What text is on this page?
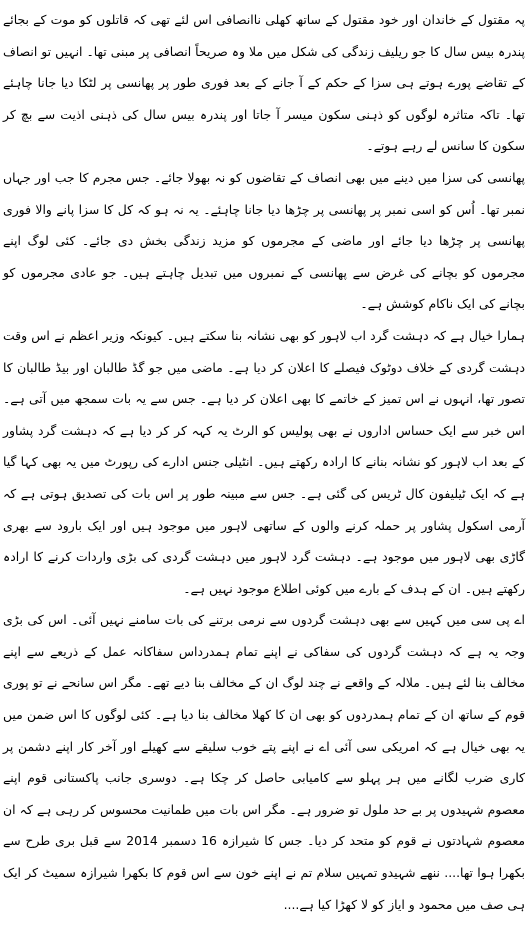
پہ مقتول کے خاندان اور خود مقتول کے ساتھ کھلی ناانصافی اس لئے تھی کہ قاتلوں کو موت کے بجائے پندرہ بیس سال کا جو ریلیف زندگی کی شکل میں ملا وہ صریحاً انصافی پر مبنی تھا۔ انہیں تو انصاف کے تقاضے پورے ہوتے ہی سزا کے حکم کے آ جانے کے بعد فوری طور پر پھانسی پر لٹکا دیا جانا چاہئے تھا۔ تاکہ متاثرہ لوگوں کو ذہنی سکون میسر آ جاتا اور پندرہ بیس سال کی ذہنی اذیت سے بچ کر سکون کا سانس لے رہے ہوتے۔

پھانسی کی سزا میں دینے میں بھی انصاف کے تقاضوں کو نہ بھولا جائے۔ جس مجرم کا جب اور جہاں نمبر تھا۔ اُس کو اسی نمبر پر پھانسی پر چڑھا دیا جانا چاہئے۔ یہ نہ ہو کہ کل کا سزا پانے والا فوری پھانسی پر چڑھا دیا جائے اور ماضی کے مجرموں کو مزید زندگی بخش دی جائے۔ کئی لوگ اپنے مجرموں کو بچانے کی غرض سے پھانسی کے نمبروں میں تبدیل چاہتے ہیں۔ جو عادی مجرموں کو بچانے کی ایک ناکام کوشش ہے۔

ہمارا خیال ہے کہ دہشت گرد اب لاہور کو بھی نشانہ بنا سکتے ہیں۔ کیونکہ وزیر اعظم نے اس وقت دہشت گردی کے خلاف دوٹوک فیصلے کا اعلان کر دیا ہے۔ ماضی میں جو گڈ طالبان اور بیڈ طالبان کا تصور تھا، انہوں نے اس تمیز کے خاتمے کا بھی اعلان کر دیا ہے۔ جس سے یہ بات سمجھ میں آتی ہے۔ اس خبر سے ایک حساس اداروں نے بھی پولیس کو الرٹ یہ کہہ کر کر دیا ہے کہ دہشت گرد پشاور کے بعد اب لاہور کو نشانہ بنانے کا ارادہ رکھتے ہیں۔ انٹیلی جنس ادارے کی رپورٹ میں یہ بھی کہا گیا ہے کہ ایک ٹیلیفون کال ٹریس کی گئی ہے۔ جس سے مبینہ طور پر اس بات کی تصدیق ہوتی ہے کہ آرمی اسکول پشاور پر حملہ کرنے والوں کے ساتھی لاہور میں موجود ہیں اور ایک بارود سے بھری گاڑی بھی لاہور میں موجود ہے۔ دہشت گرد لاہور میں دہشت گردی کی بڑی واردات کرنے کا ارادہ رکھتے ہیں۔ ان کے ہدف کے بارے میں کوئی اطلاع موجود نہیں ہے۔

اے پی سی میں کہیں سے بھی دہشت گردوں سے نرمی برتنے کی بات سامنے نہیں آئی۔ اس کی بڑی وجہ یہ ہے کہ دہشت گردوں کی سفاکی نے اپنے تمام ہمدرداس سفاکانہ عمل کے ذریعے سے اپنے مخالف بنا لئے ہیں۔ ملالہ کے واقعے نے چند لوگ ان کے مخالف بنا دیے تھے۔ مگر اس سانحے نے تو پوری قوم کے ساتھ ان کے تمام ہمدردوں کو بھی ان کا کھلا مخالف بنا دیا ہے۔ کئی لوگوں کا اس ضمن میں یہ بھی خیال ہے کہ امریکی سی آئی اے نے اپنے پتے خوب سلیقے سے کھیلے اور آخر کار اپنے دشمن پر کاری ضرب لگانے میں ہر پہلو سے کامیابی حاصل کر چکا ہے۔ دوسری جانب پاکستانی قوم اپنے معصوم شہیدوں پر بے حد ملول تو ضرور ہے۔ مگر اس بات میں طمانیت محسوس کر رہی ہے کہ ان معصوم شہادتوں نے قوم کو متحد کر دیا۔ جس کا شیرازہ 16 دسمبر 2014 سے قبل بری طرح سے بکھرا ہوا تھا.... ننھے شہیدو تمہیں سلام تم نے اپنے خون سے اس قوم کا بکھرا شیرازہ سمیٹ کر ایک ہی صف میں محمود و ایاز کو لا کھڑا کیا ہے....
